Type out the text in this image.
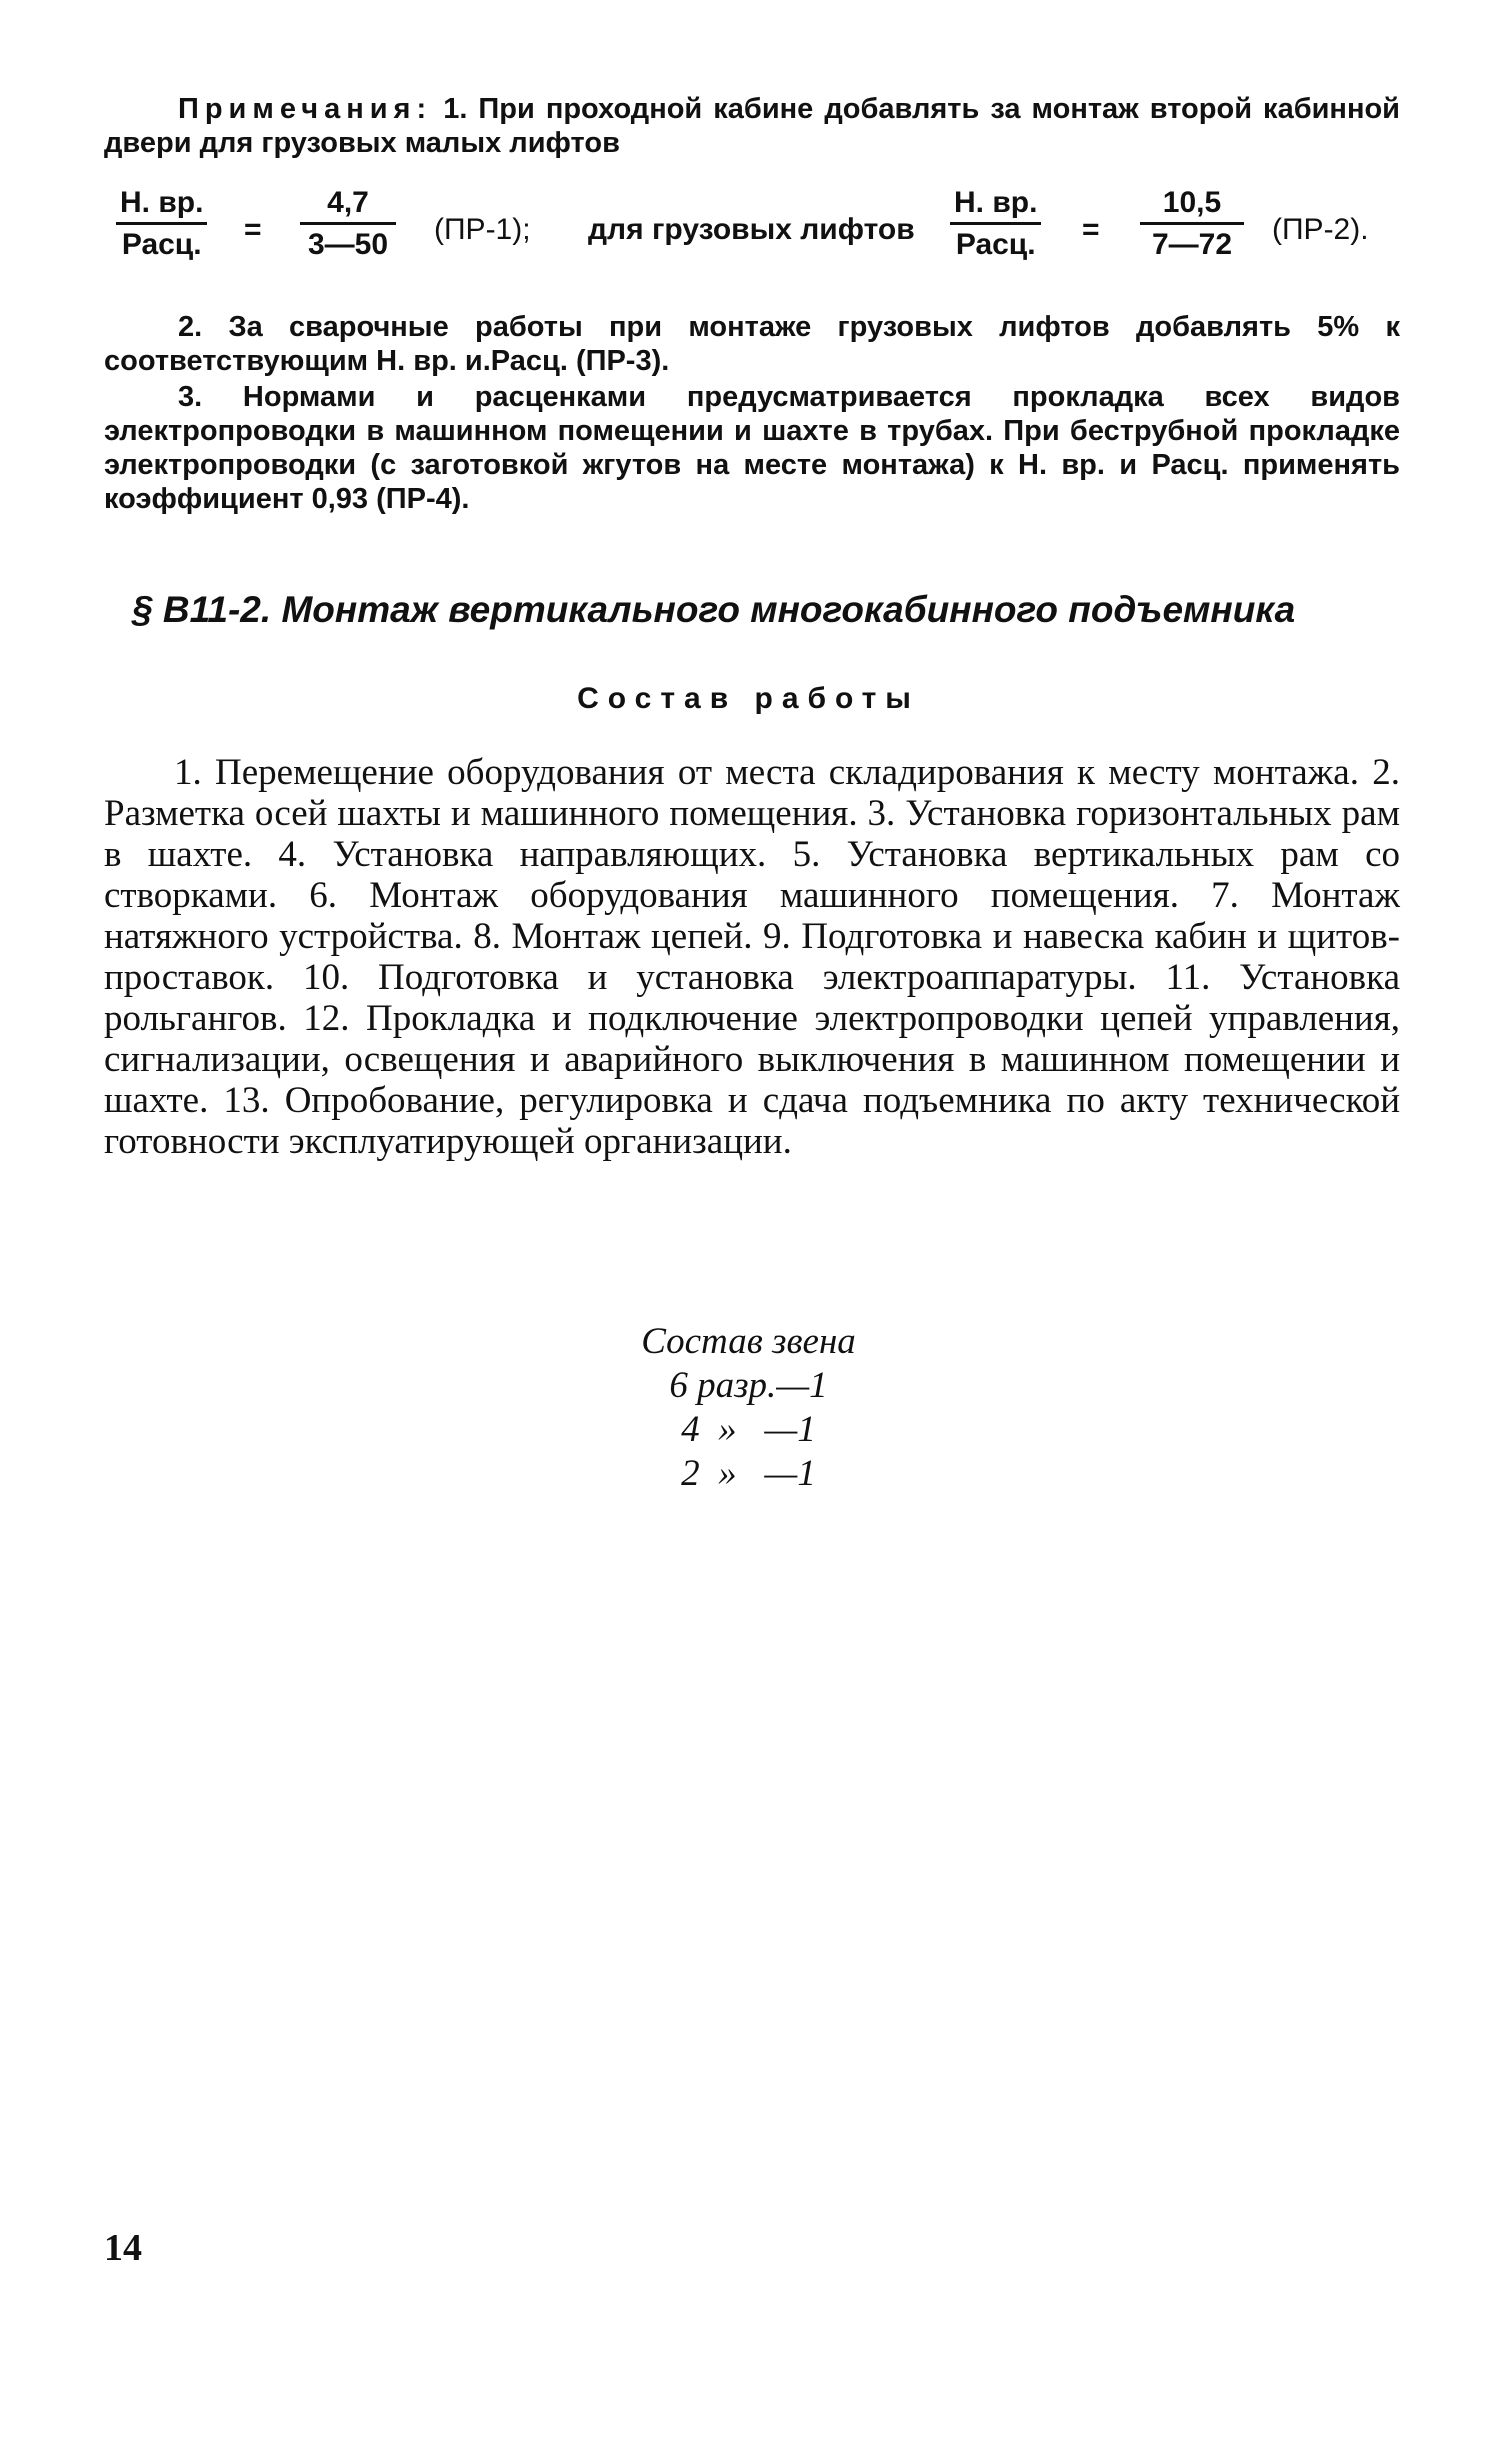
Примечания: 1. При проходной кабине добавлять за монтаж второй кабинной двери для грузовых малых лифтов

Н. вр.
Расц. = $\frac{4,7}{3—50} (ПР-1)$; для грузовых лифтов
Н. вр.
Расц. = $\frac{10,5}{7—72} (ПР-2)$.

2. За сварочные работы при монтаже грузовых лифтов добавлять 5% к соответствующим Н. вр. и.Расц. (ПР-3).

3. Нормами и расценками предусматривается прокладка всех видов электропроводки в машинном помещении и шахте в трубах. При беструбной прокладке электропроводки (с заготовкой жгутов на месте монтажа) к Н. вр. и Расц. применять коэффициент 0,93 (ПР-4).

§ В11-2. Монтаж вертикального многокабинного подъемника
Состав работы
1. Перемещение оборудования от места складирования к месту монтажа. 2. Разметка осей шахты и машинного помещения. 3. Установка горизонтальных рам в шахте. 4. Установка направляющих. 5. Установка вертикальных рам со створками. 6. Монтаж оборудования машинного помещения. 7. Монтаж натяжного устройства. 8. Монтаж цепей. 9. Подготовка и навеска кабин и щитов-проставок. 10. Подготовка и установка электроаппаратуры. 11. Установка рольгангов. 12. Прокладка и подключение электропроводки цепей управления, сигнализации, освещения и аварийного выключения в машинном помещении и шахте. 13. Опробование, регулировка и сдача подъемника по акту технической готовности эксплуатирующей организации.
Состав звена
6 разр.—1
4  »   —1
2  »   —1
14
